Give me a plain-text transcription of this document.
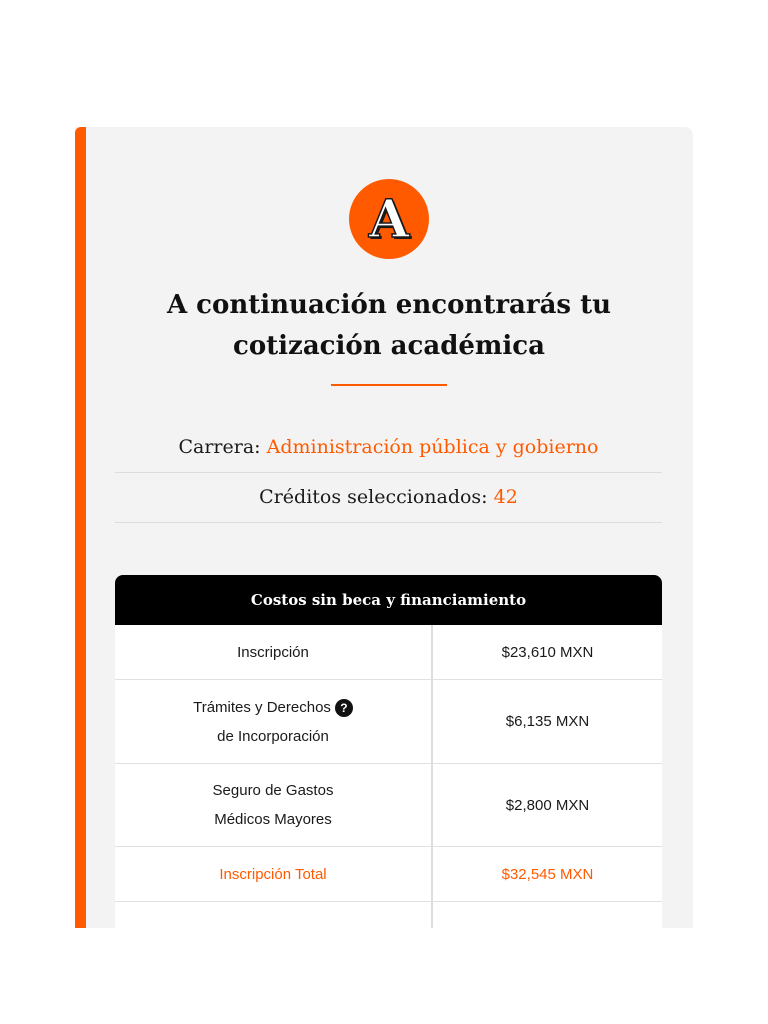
A
A continuación encontrarás tu cotización académica
Carrera: Administración pública y gobierno
Créditos seleccionados: 42
Costos sin beca y financiamiento
Inscripción	$23,610 MXN
Trámites y Derechos ?
de Incorporación
$6,135 MXN
Seguro de Gastos
Médicos Mayores
$2,800 MXN
Inscripción Total	$32,545 MXN
